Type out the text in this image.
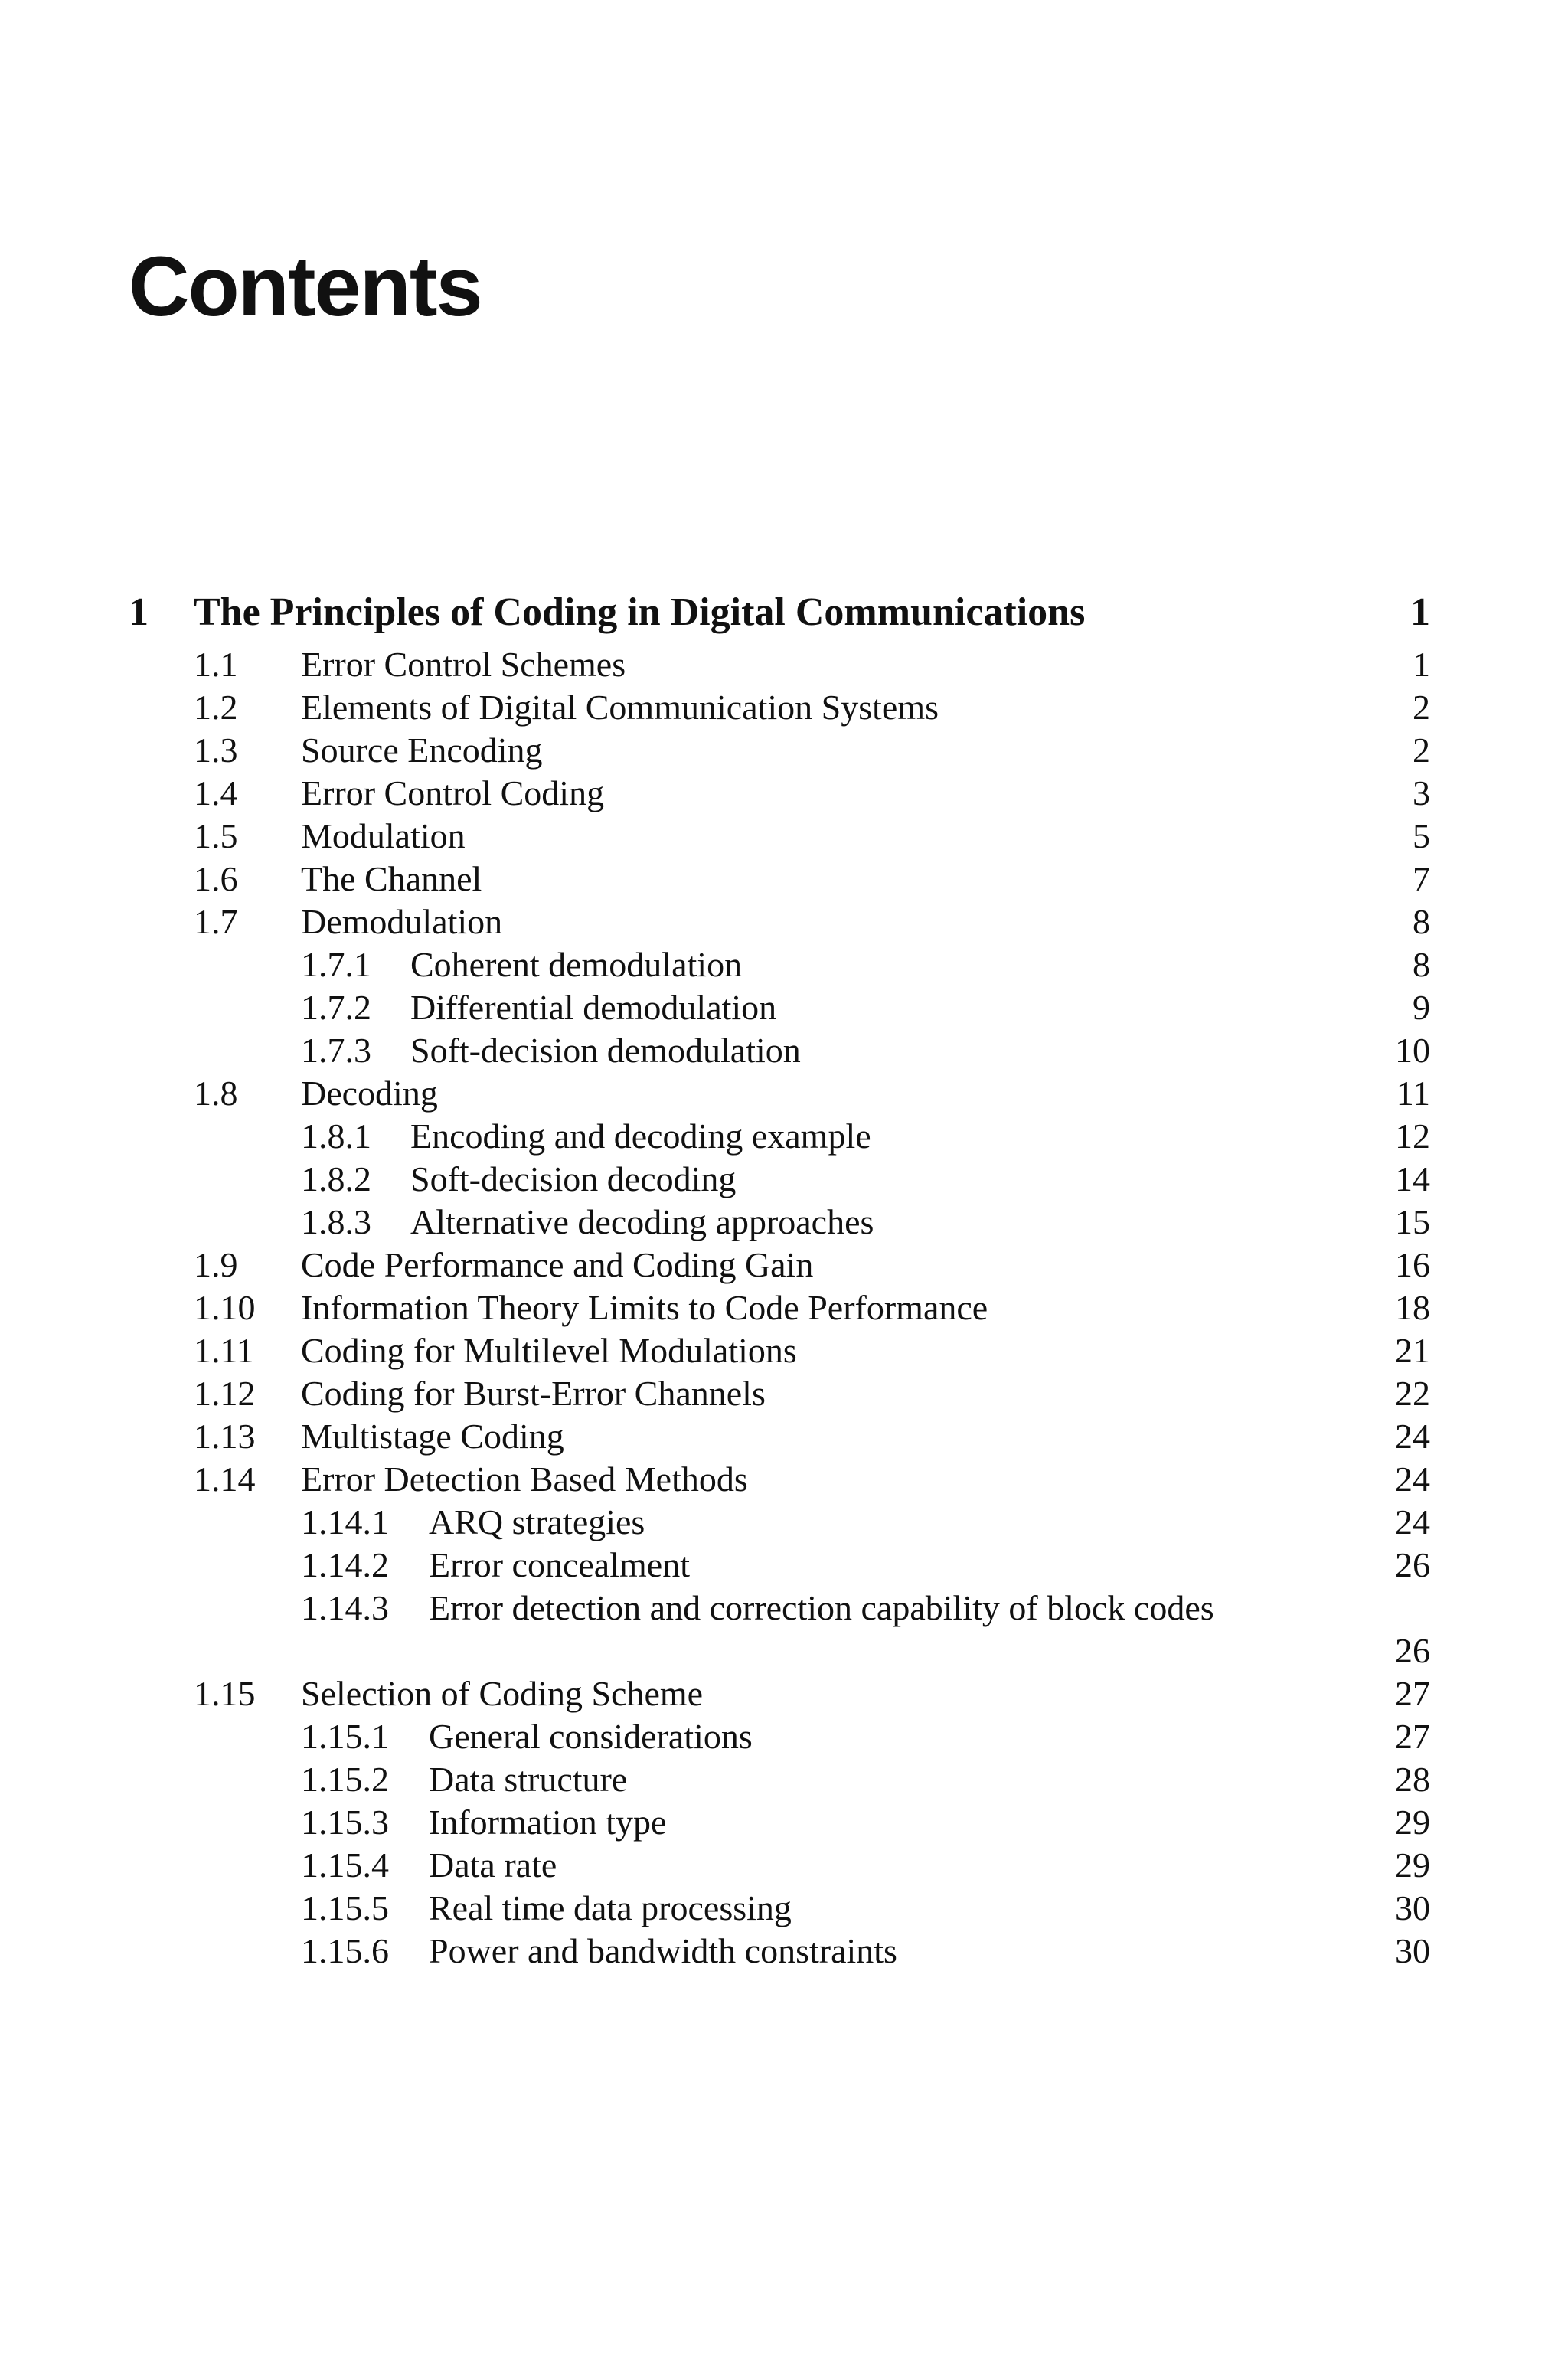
Contents
1 The Principles of Coding in Digital Communications	1
1.1 Error Control Schemes	1
1.2 Elements of Digital Communication Systems	2
1.3 Source Encoding	2
1.4 Error Control Coding	3
1.5 Modulation	5
1.6 The Channel	7
1.7 Demodulation	8
1.7.1 Coherent demodulation	8
1.7.2 Differential demodulation	9
1.7.3 Soft-decision demodulation	10
1.8 Decoding	11
1.8.1 Encoding and decoding example	12
1.8.2 Soft-decision decoding	14
1.8.3 Alternative decoding approaches	15
1.9 Code Performance and Coding Gain	16
1.10 Information Theory Limits to Code Performance	18
1.11 Coding for Multilevel Modulations	21
1.12 Coding for Burst-Error Channels	22
1.13 Multistage Coding	24
1.14 Error Detection Based Methods	24
1.14.1 ARQ strategies	24
1.14.2 Error concealment	26
1.14.3 Error detection and correction capability of block codes
26
1.15 Selection of Coding Scheme	27
1.15.1 General considerations	27
1.15.2 Data structure	28
1.15.3 Information type	29
1.15.4 Data rate	29
1.15.5 Real time data processing	30
1.15.6 Power and bandwidth constraints	30
